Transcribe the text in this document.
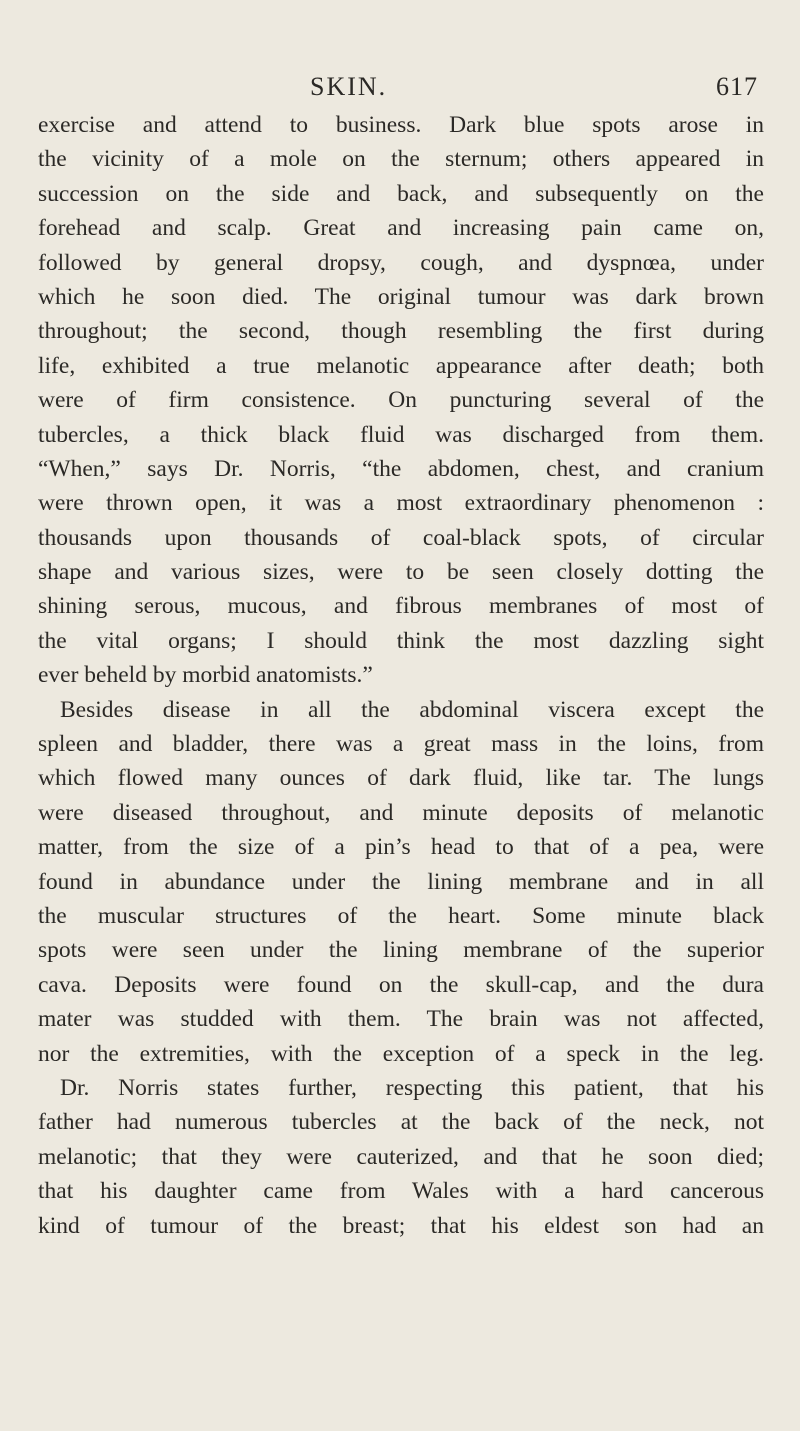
SKIN.	617
exercise and attend to business. Dark blue spots arose in
the vicinity of a mole on the sternum; others appeared in
succession on the side and back, and subsequently on the
forehead and scalp. Great and increasing pain came on,
followed by general dropsy, cough, and dyspnœa, under
which he soon died. The original tumour was dark brown
throughout; the second, though resembling the first during
life, exhibited a true melanotic appearance after death; both
were of firm consistence. On puncturing several of the
tubercles, a thick black fluid was discharged from them.
“When,” says Dr. Norris, “the abdomen, chest, and cranium
were thrown open, it was a most extraordinary phenomenon :
thousands upon thousands of coal-black spots, of circular
shape and various sizes, were to be seen closely dotting the
shining serous, mucous, and fibrous membranes of most of
the vital organs; I should think the most dazzling sight
ever beheld by morbid anatomists.”
Besides disease in all the abdominal viscera except the
spleen and bladder, there was a great mass in the loins, from
which flowed many ounces of dark fluid, like tar. The lungs
were diseased throughout, and minute deposits of melanotic
matter, from the size of a pin’s head to that of a pea, were
found in abundance under the lining membrane and in all
the muscular structures of the heart. Some minute black
spots were seen under the lining membrane of the superior
cava. Deposits were found on the skull-cap, and the dura
mater was studded with them. The brain was not affected,
nor the extremities, with the exception of a speck in the leg.
Dr. Norris states further, respecting this patient, that his
father had numerous tubercles at the back of the neck, not
melanotic; that they were cauterized, and that he soon died;
that his daughter came from Wales with a hard cancerous
kind of tumour of the breast; that his eldest son had an
